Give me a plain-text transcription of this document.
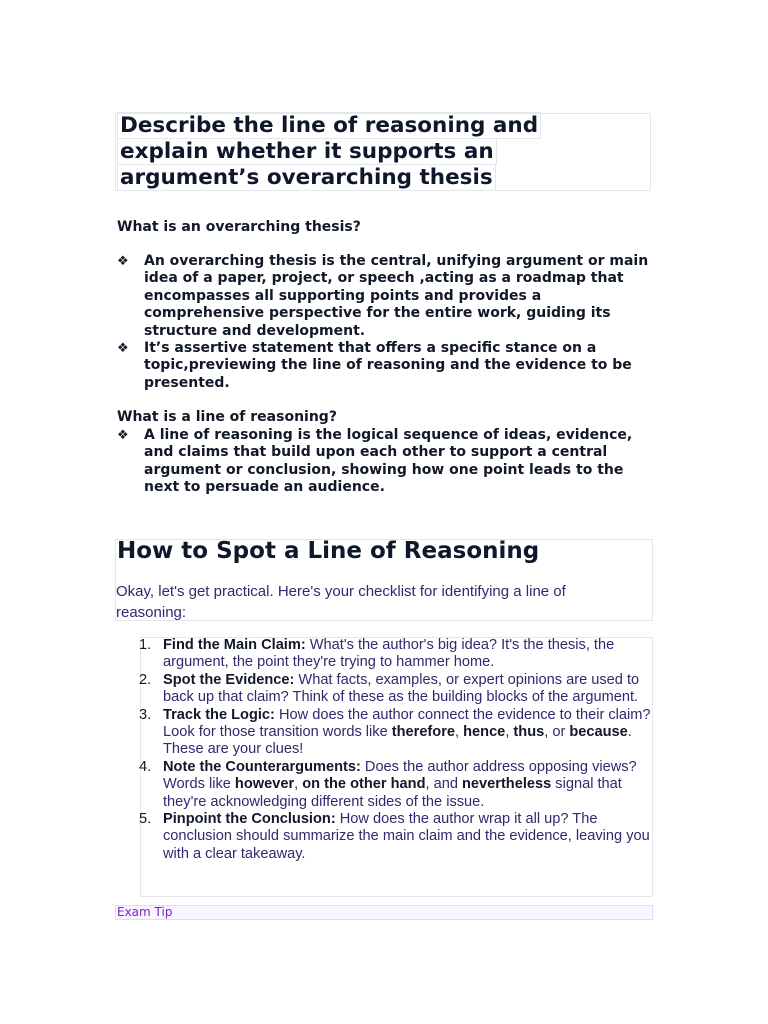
Describe the line of reasoning and
explain whether it supports an
argument’s overarching thesis

What is an overarching thesis?

❖ An overarching thesis is the central, unifying argument or main idea of a paper, project, or speech ,acting as a roadmap that encompasses all supporting points and provides a comprehensive perspective for the entire work, guiding its structure and development.
❖ It’s assertive statement that offers a specific stance on a topic,previewing the line of reasoning and the evidence to be presented.

What is a line of reasoning?

❖ A line of reasoning is the logical sequence of ideas, evidence, and claims that build upon each other to support a central argument or conclusion, showing how one point leads to the next to persuade an audience.
How to Spot a Line of Reasoning

Okay, let's get practical. Here's your checklist for identifying a line of reasoning:

1. Find the Main Claim: What's the author's big idea? It's the thesis, the argument, the point they're trying to hammer home.
2. Spot the Evidence: What facts, examples, or expert opinions are used to back up that claim? Think of these as the building blocks of the argument.
3. Track the Logic: How does the author connect the evidence to their claim? Look for those transition words like therefore, hence, thus, or because. These are your clues!
4. Note the Counterarguments: Does the author address opposing views? Words like however, on the other hand, and nevertheless signal that they're acknowledging different sides of the issue.
5. Pinpoint the Conclusion: How does the author wrap it all up? The conclusion should summarize the main claim and the evidence, leaving you with a clear takeaway.
Exam Tip
